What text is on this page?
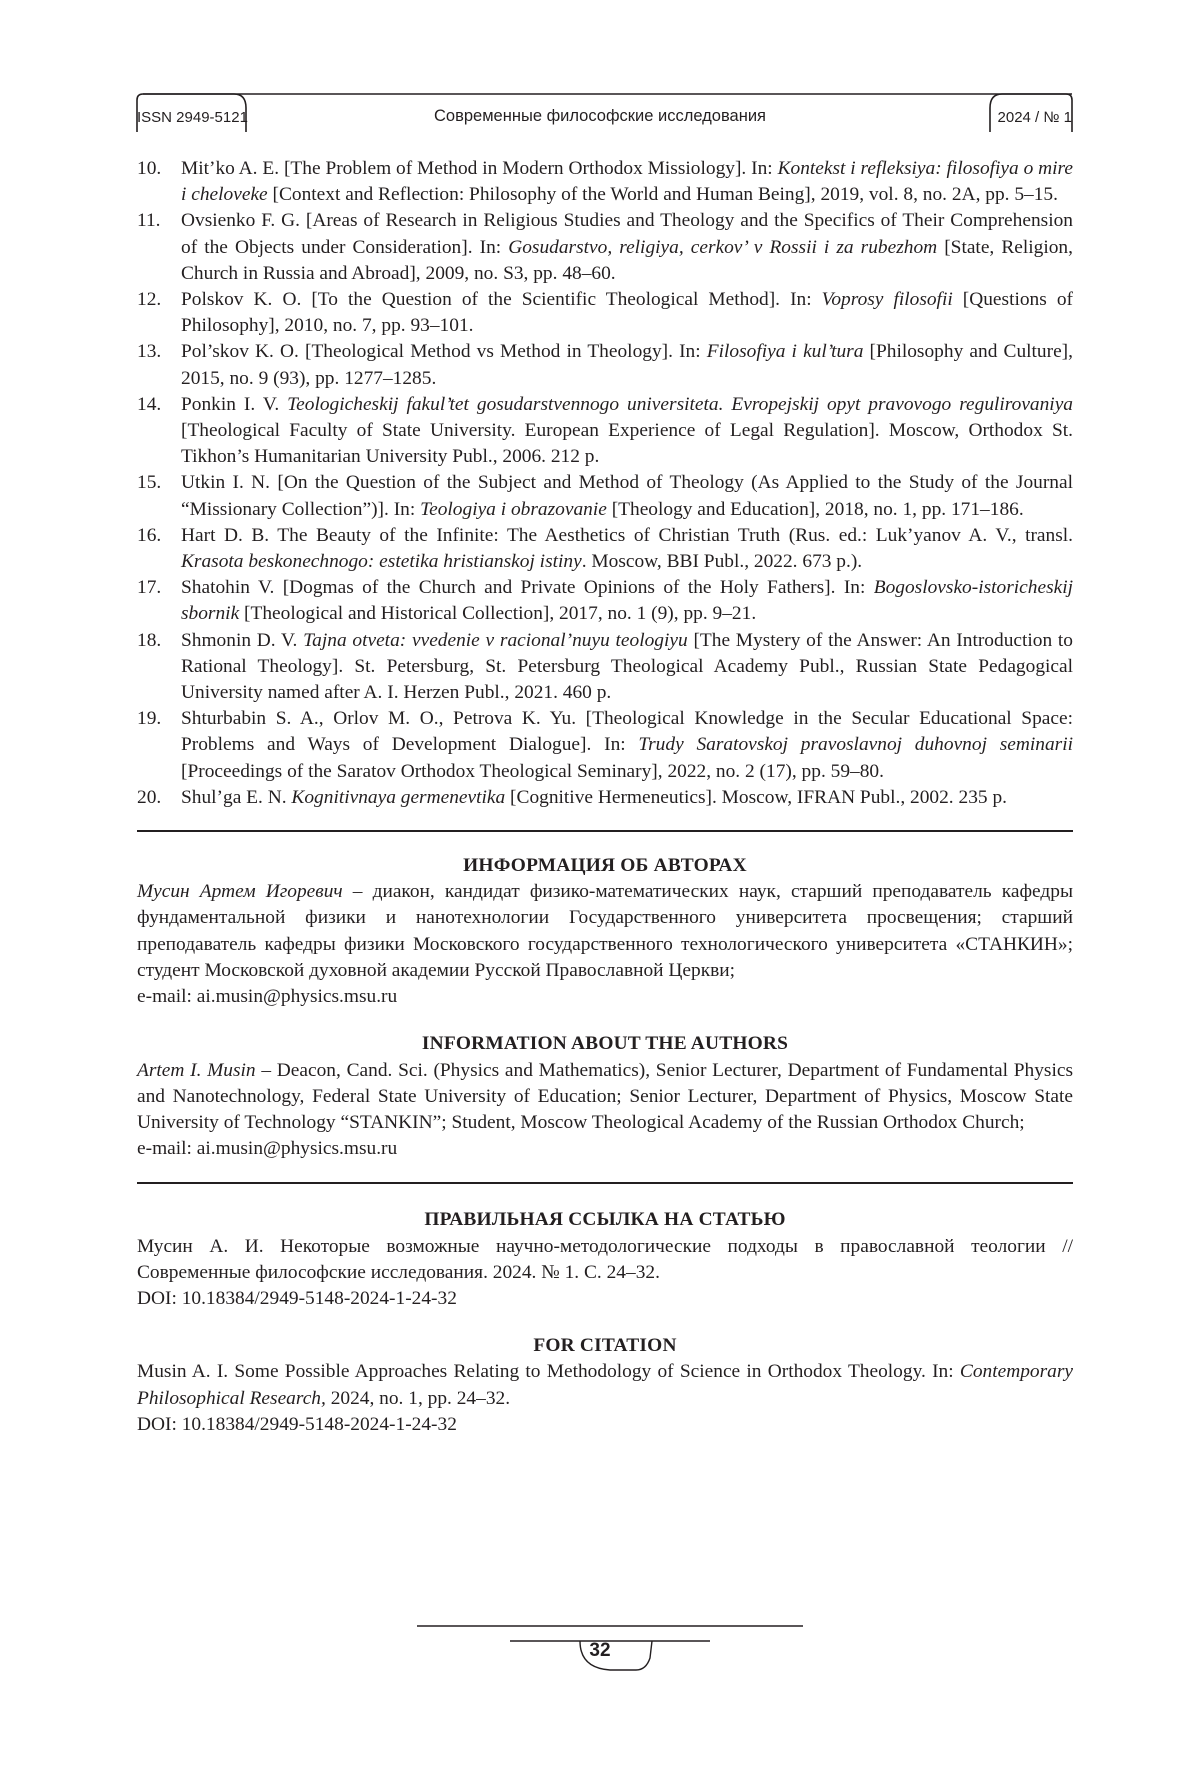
ISSN 2949-5121	Современные философские исследования	2024 / № 1
10. Mit’ko A. E. [The Problem of Method in Modern Orthodox Missiology]. In: Kontekst i refleksiya: filosofiya o mire i cheloveke [Context and Reflection: Philosophy of the World and Human Being], 2019, vol. 8, no. 2A, pp. 5–15.
11. Ovsienko F. G. [Areas of Research in Religious Studies and Theology and the Specifics of Their Comprehension of the Objects under Consideration]. In: Gosudarstvo, religiya, cerkov’ v Rossii i za rubezhom [State, Religion, Church in Russia and Abroad], 2009, no. S3, pp. 48–60.
12. Polskov K. O. [To the Question of the Scientific Theological Method]. In: Voprosy filosofii [Questions of Philosophy], 2010, no. 7, pp. 93–101.
13. Pol’skov K. O. [Theological Method vs Method in Theology]. In: Filosofiya i kul’tura [Philosophy and Culture], 2015, no. 9 (93), pp. 1277–1285.
14. Ponkin I. V. Teologicheskij fakul’tet gosudarstvennogo universiteta. Evropejskij opyt pravovogo regulirovaniya [Theological Faculty of State University. European Experience of Legal Regulation]. Moscow, Orthodox St. Tikhon’s Humanitarian University Publ., 2006. 212 p.
15. Utkin I. N. [On the Question of the Subject and Method of Theology (As Applied to the Study of the Journal “Missionary Collection”)]. In: Teologiya i obrazovanie [Theology and Education], 2018, no. 1, pp. 171–186.
16. Hart D. B. The Beauty of the Infinite: The Aesthetics of Christian Truth (Rus. ed.: Luk’yanov A. V., transl. Krasota beskonechnogo: estetika hristianskoj istiny. Moscow, BBI Publ., 2022. 673 p.).
17. Shatohin V. [Dogmas of the Church and Private Opinions of the Holy Fathers]. In: Bogoslovsko-istoricheskij sbornik [Theological and Historical Collection], 2017, no. 1 (9), pp. 9–21.
18. Shmonin D. V. Tajna otveta: vvedenie v racional’nuyu teologiyu [The Mystery of the Answer: An Introduction to Rational Theology]. St. Petersburg, St. Petersburg Theological Academy Publ., Russian State Pedagogical University named after A. I. Herzen Publ., 2021. 460 p.
19. Shturbabin S. A., Orlov M. O., Petrova K. Yu. [Theological Knowledge in the Secular Educational Space: Problems and Ways of Development Dialogue]. In: Trudy Saratovskoj pravoslavnoj duhovnoj seminarii [Proceedings of the Saratov Orthodox Theological Seminary], 2022, no. 2 (17), pp. 59–80.
20. Shul’ga E. N. Kognitivnaya germenevtika [Cognitive Hermeneutics]. Moscow, IFRAN Publ., 2002. 235 p.
ИНФОРМАЦИЯ ОБ АВТОРАХ
Мусин Артем Игоревич – диакон, кандидат физико-математических наук, старший преподаватель кафедры фундаментальной физики и нанотехнологии Государственного университета просвещения; старший преподаватель кафедры физики Московского государственного технологического университета «СТАНКИН»; студент Московской духовной академии Русской Православной Церкви;
e-mail: ai.musin@physics.msu.ru
INFORMATION ABOUT THE AUTHORS
Artem I. Musin – Deacon, Cand. Sci. (Physics and Mathematics), Senior Lecturer, Department of Fundamental Physics and Nanotechnology, Federal State University of Education; Senior Lecturer, Department of Physics, Moscow State University of Technology “STANKIN”; Student, Moscow Theological Academy of the Russian Orthodox Church;
e-mail: ai.musin@physics.msu.ru
ПРАВИЛЬНАЯ ССЫЛКА НА СТАТЬЮ
Мусин А. И. Некоторые возможные научно-методологические подходы в православной теологии // Современные философские исследования. 2024. № 1. С. 24–32.
DOI: 10.18384/2949-5148-2024-1-24-32
FOR CITATION
Musin A. I. Some Possible Approaches Relating to Methodology of Science in Orthodox Theology. In: Contemporary Philosophical Research, 2024, no. 1, pp. 24–32.
DOI: 10.18384/2949-5148-2024-1-24-32
32
